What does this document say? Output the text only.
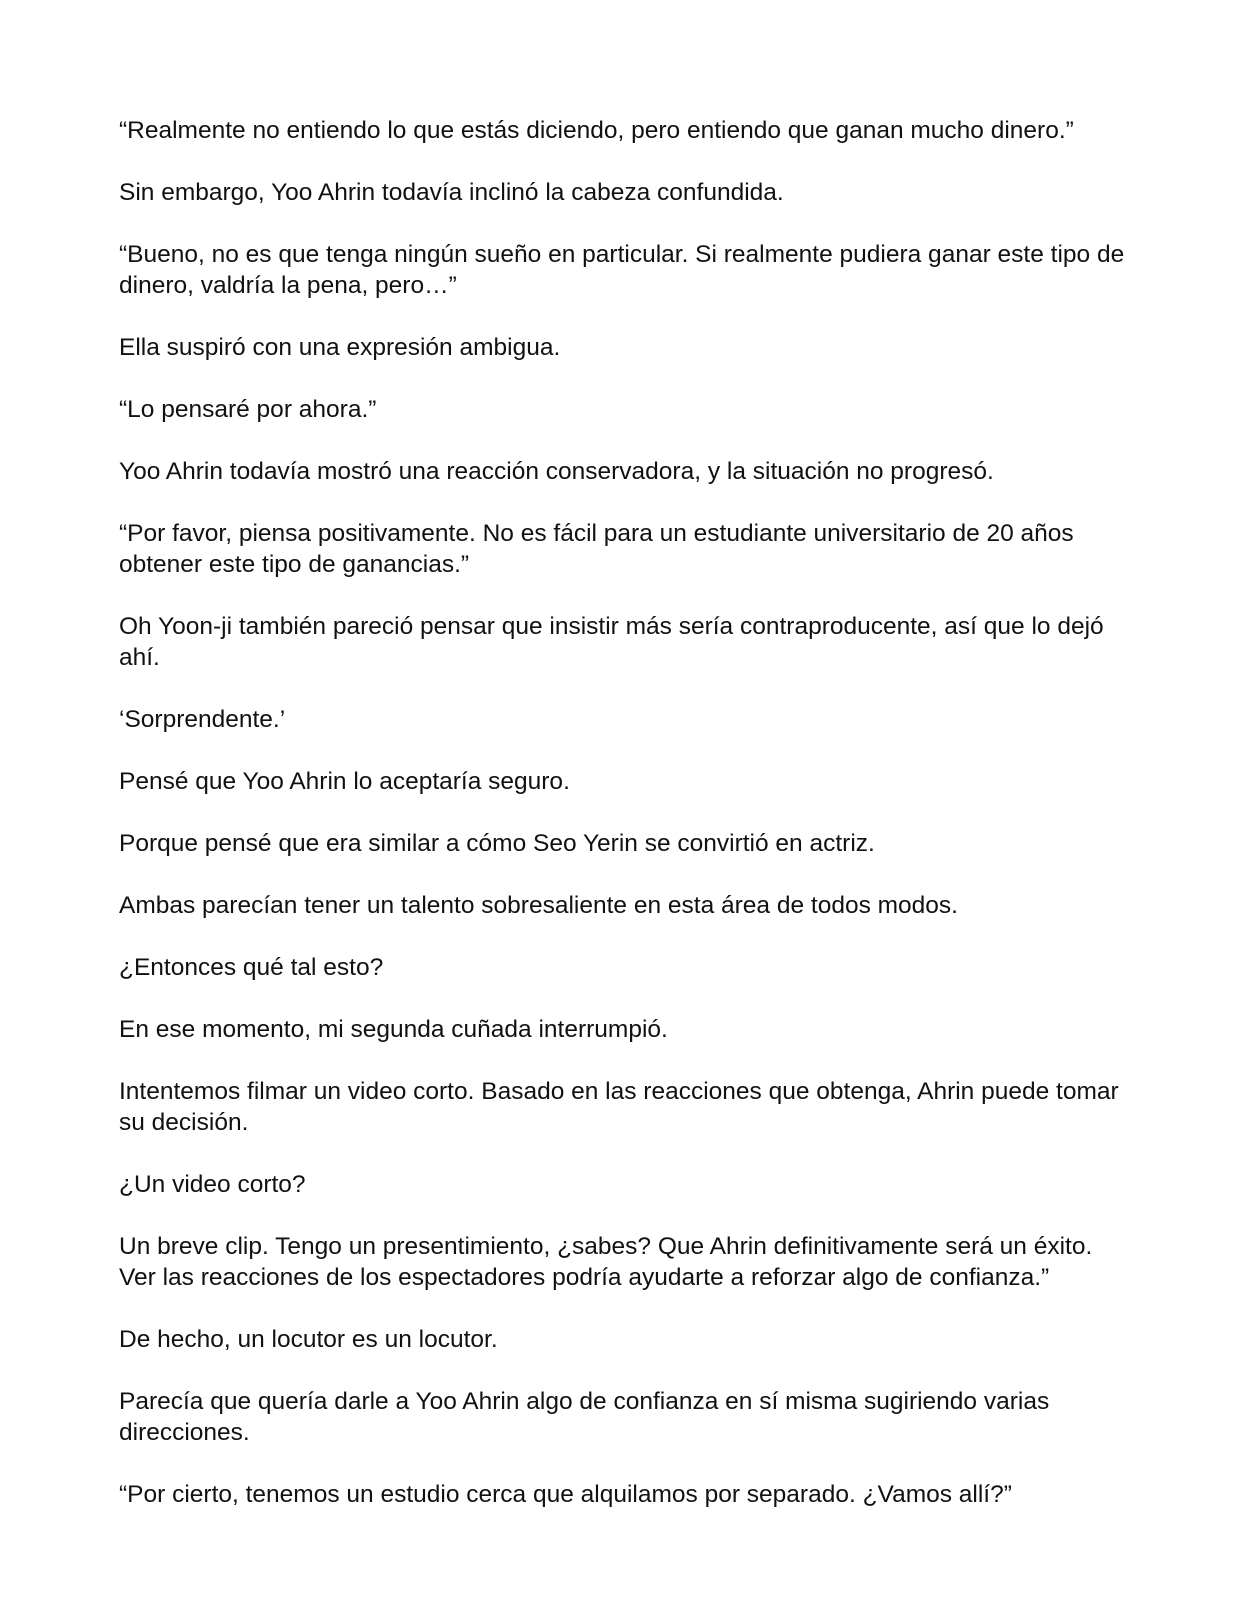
“Realmente no entiendo lo que estás diciendo, pero entiendo que ganan mucho dinero.”

Sin embargo, Yoo Ahrin todavía inclinó la cabeza confundida.

“Bueno, no es que tenga ningún sueño en particular. Si realmente pudiera ganar este tipo de dinero, valdría la pena, pero…”

Ella suspiró con una expresión ambigua.

“Lo pensaré por ahora.”

Yoo Ahrin todavía mostró una reacción conservadora, y la situación no progresó.

“Por favor, piensa positivamente. No es fácil para un estudiante universitario de 20 años obtener este tipo de ganancias.”

Oh Yoon-ji también pareció pensar que insistir más sería contraproducente, así que lo dejó ahí.

‘Sorprendente.’

Pensé que Yoo Ahrin lo aceptaría seguro.

Porque pensé que era similar a cómo Seo Yerin se convirtió en actriz.

Ambas parecían tener un talento sobresaliente en esta área de todos modos.

¿Entonces qué tal esto?

En ese momento, mi segunda cuñada interrumpió.

Intentemos filmar un video corto. Basado en las reacciones que obtenga, Ahrin puede tomar su decisión.

¿Un video corto?

Un breve clip. Tengo un presentimiento, ¿sabes? Que Ahrin definitivamente será un éxito. Ver las reacciones de los espectadores podría ayudarte a reforzar algo de confianza.”

De hecho, un locutor es un locutor.

Parecía que quería darle a Yoo Ahrin algo de confianza en sí misma sugiriendo varias direcciones.

“Por cierto, tenemos un estudio cerca que alquilamos por separado. ¿Vamos allí?”
